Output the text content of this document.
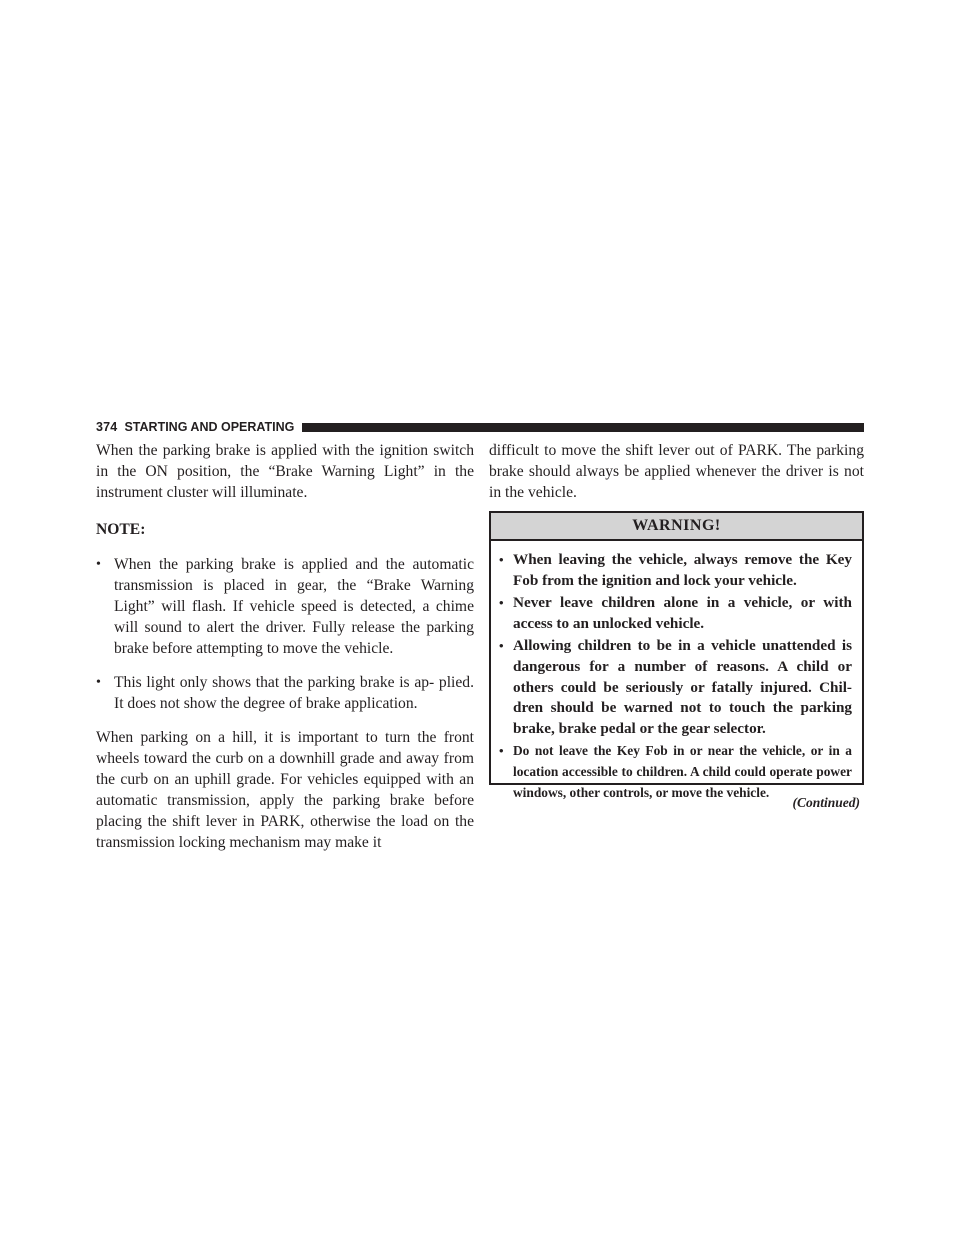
374 STARTING AND OPERATING

When the parking brake is applied with the ignition switch in the ON position, the “Brake Warning Light” in the instrument cluster will illuminate.

NOTE:

• When the parking brake is applied and the automatic transmission is placed in gear, the “Brake Warning Light” will flash. If vehicle speed is detected, a chime will sound to alert the driver. Fully release the parking brake before attempting to move the vehicle.
• This light only shows that the parking brake is ap- plied. It does not show the degree of brake application.

When parking on a hill, it is important to turn the front wheels toward the curb on a downhill grade and away from the curb on an uphill grade. For vehicles equipped with an automatic transmission, apply the parking brake before placing the shift lever in PARK, otherwise the load on the transmission locking mechanism may make it

difficult to move the shift lever out of PARK. The parking brake should always be applied whenever the driver is not in the vehicle.

WARNING!
• When leaving the vehicle, always remove the Key Fob from the ignition and lock your vehicle.
• Never leave children alone in a vehicle, or with access to an unlocked vehicle.
• Allowing children to be in a vehicle unattended is dangerous for a number of reasons. A child or others could be seriously or fatally injured. Chil- dren should be warned not to touch the parking brake, brake pedal or the gear selector.
• Do not leave the Key Fob in or near the vehicle, or in a location accessible to children. A child could operate power windows, other controls, or move the vehicle.
(Continued)
